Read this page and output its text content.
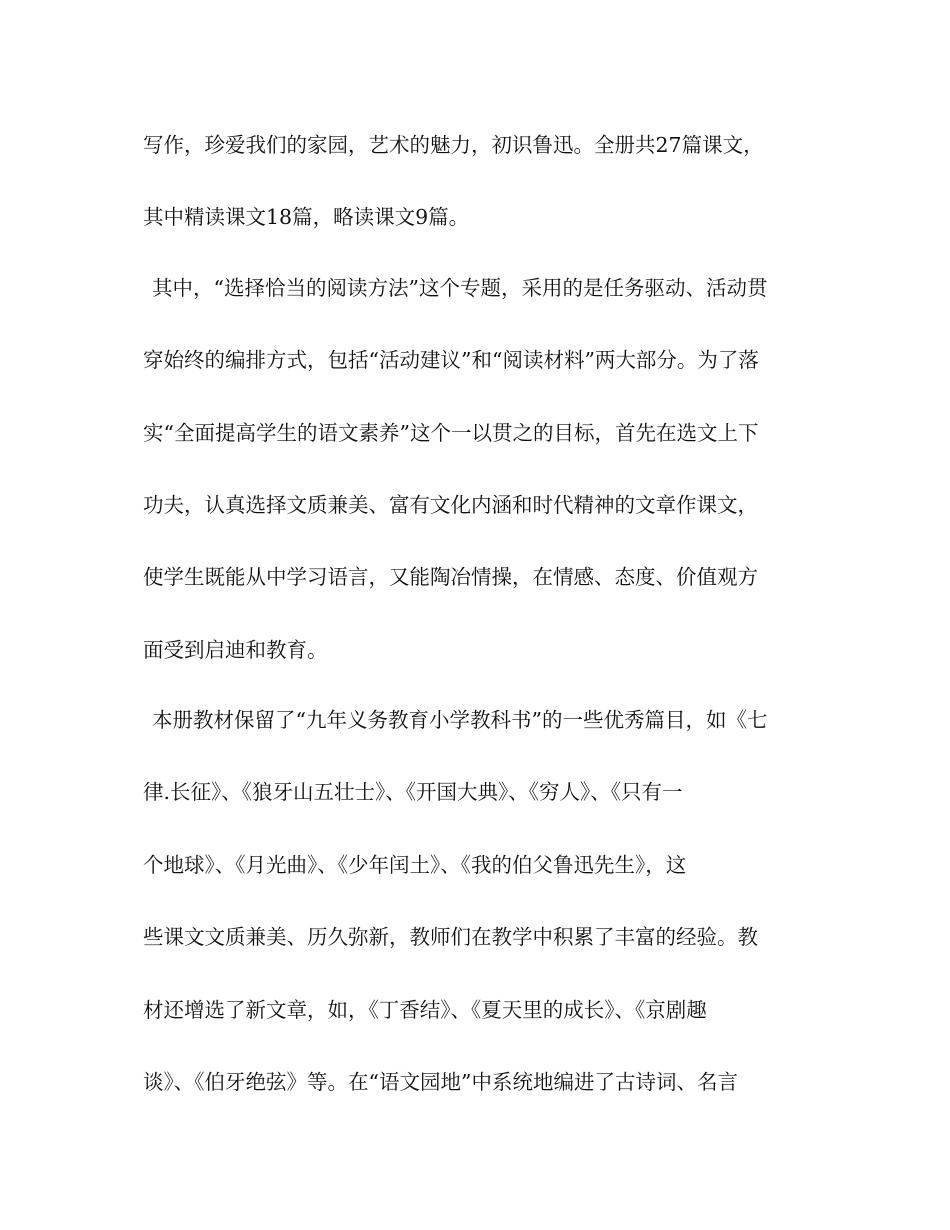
写作，珍爱我们的家园，艺术的魅力，初识鲁迅。全册共27篇课文，
其中精读课文18篇，略读课文9篇。
其中，“选择恰当的阅读方法”这个专题，采用的是任务驱动、活动贯
穿始终的编排方式，包括“活动建议”和“阅读材料”两大部分。为了落
实“全面提高学生的语文素养”这个一以贯之的目标，首先在选文上下
功夫，认真选择文质兼美、富有文化内涵和时代精神的文章作课文，
使学生既能从中学习语言，又能陶冶情操，在情感、态度、价值观方
面受到启迪和教育。
本册教材保留了“九年义务教育小学教科书”的一些优秀篇目，如《七
律.长征》、《狼牙山五壮士》、《开国大典》、《穷人》、《只有一
个地球》、《月光曲》、《少年闰土》、《我的伯父鲁迅先生》，这
些课文文质兼美、历久弥新，教师们在教学中积累了丰富的经验。教
材还增选了新文章，如，《丁香结》、《夏天里的成长》、《京剧趣
谈》、《伯牙绝弦》等。在“语文园地”中系统地编进了古诗词、名言
